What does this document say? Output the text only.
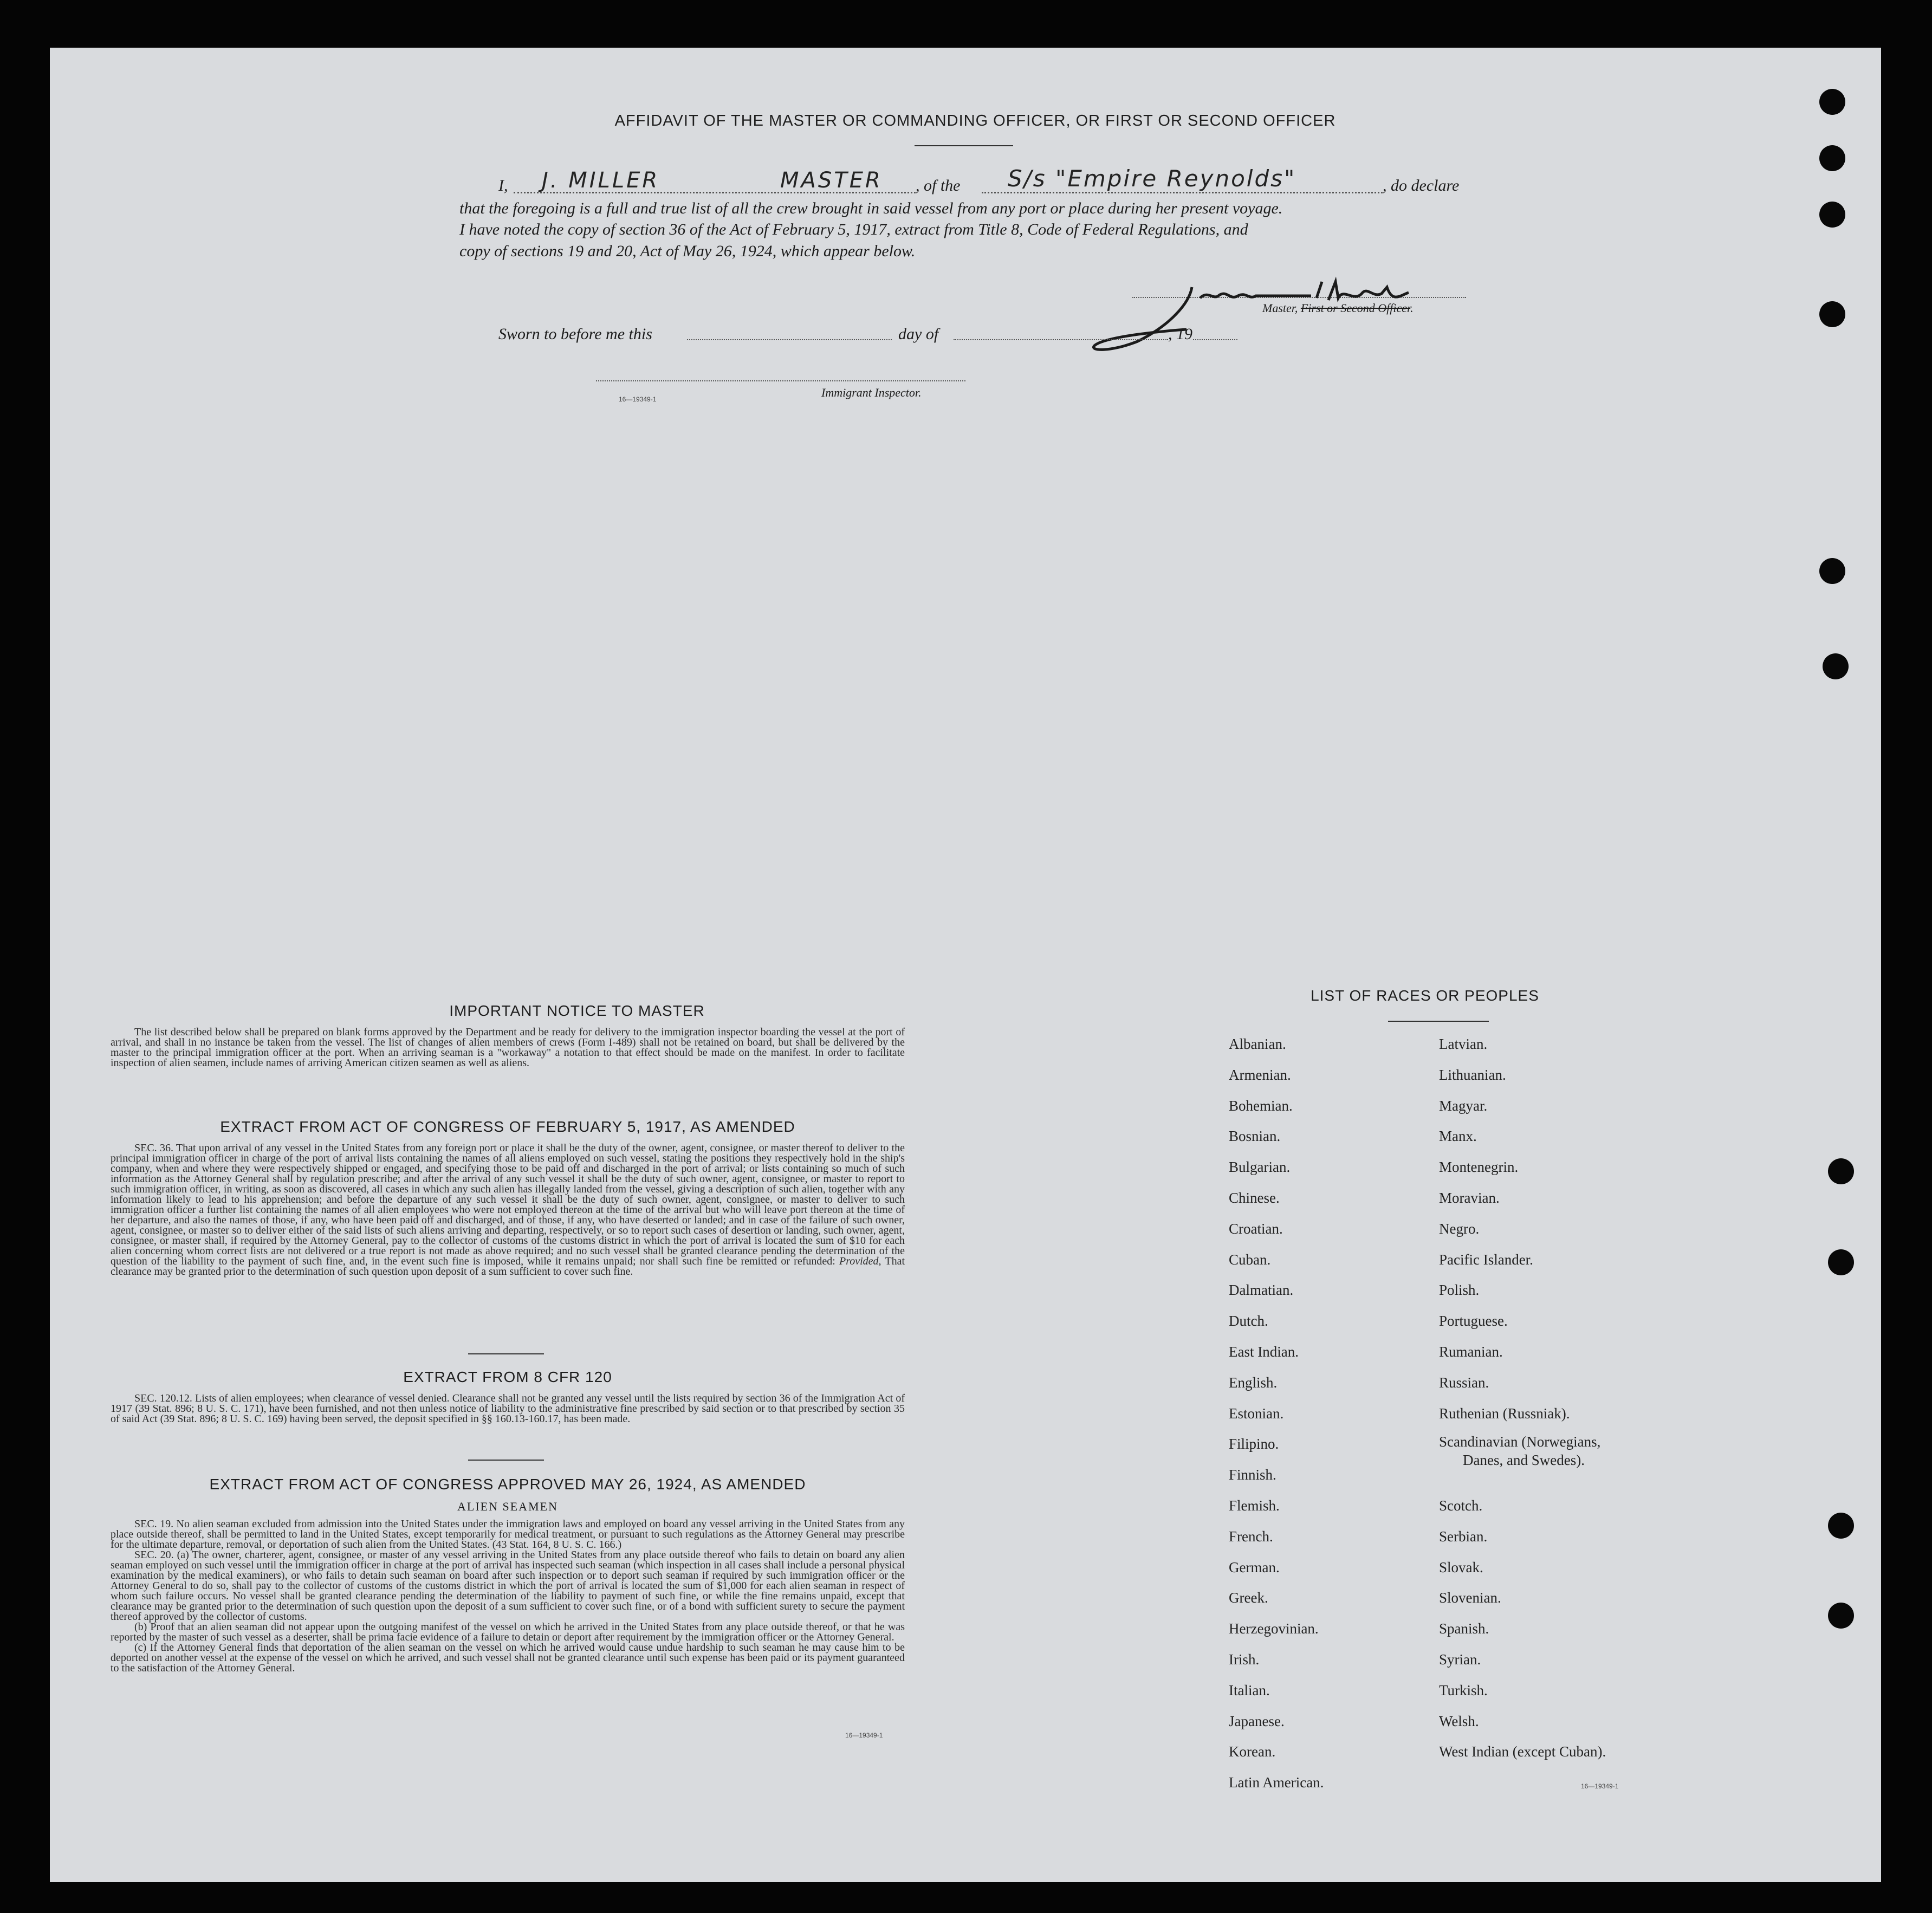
AFFIDAVIT OF THE MASTER OR COMMANDING OFFICER, OR FIRST OR SECOND OFFICER
I, J. MILLER	MASTER , of the S/s "Empire Reynolds"	, do declare
that the foregoing is a full and true list of all the crew brought in said vessel from any port or place during her present voyage.
I have noted the copy of section 36 of the Act of February 5, 1917, extract from Title 8, Code of Federal Regulations, and
copy of sections 19 and 20, Act of May 26, 1924, which appear below.
Master, First or Second Officer.
Sworn to before me this	day of	, 19
16—19349-1	Immigrant Inspector.
IMPORTANT NOTICE TO MASTER
The list described below shall be prepared on blank forms approved by the Department and be ready for delivery to the immigration inspector boarding the vessel at the port of arrival, and shall in no instance be taken from the vessel. The list of changes of alien members of crews (Form I-489) shall not be retained on board, but shall be delivered by the master to the principal immigration officer at the port. When an arriving seaman is a "workaway" a notation to that effect should be made on the manifest. In order to facilitate inspection of alien seamen, include names of arriving American citizen seamen as well as aliens.
EXTRACT FROM ACT OF CONGRESS OF FEBRUARY 5, 1917, AS AMENDED
SEC. 36. That upon arrival of any vessel in the United States from any foreign port or place it shall be the duty of the owner, agent, consignee, or master thereof to deliver to the principal immigration officer in charge of the port of arrival lists containing the names of all aliens employed on such vessel, stating the positions they respectively hold in the ship's company, when and where they were respectively shipped or engaged, and specifying those to be paid off and discharged in the port of arrival; or lists containing so much of such information as the Attorney General shall by regulation prescribe; and after the arrival of any such vessel it shall be the duty of such owner, agent, consignee, or master to report to such immigration officer, in writing, as soon as discovered, all cases in which any such alien has illegally landed from the vessel, giving a description of such alien, together with any information likely to lead to his apprehension; and before the departure of any such vessel it shall be the duty of such owner, agent, consignee, or master to deliver to such immigration officer a further list containing the names of all alien employees who were not employed thereon at the time of the arrival but who will leave port thereon at the time of her departure, and also the names of those, if any, who have been paid off and discharged, and of those, if any, who have deserted or landed; and in case of the failure of such owner, agent, consignee, or master so to deliver either of the said lists of such aliens arriving and departing, respectively, or so to report such cases of desertion or landing, such owner, agent, consignee, or master shall, if required by the Attorney General, pay to the collector of customs of the customs district in which the port of arrival is located the sum of $10 for each alien concerning whom correct lists are not delivered or a true report is not made as above required; and no such vessel shall be granted clearance pending the determination of the question of the liability to the payment of such fine, and, in the event such fine is imposed, while it remains unpaid; nor shall such fine be remitted or refunded: Provided, That clearance may be granted prior to the determination of such question upon deposit of a sum sufficient to cover such fine.
EXTRACT FROM 8 CFR 120
SEC. 120.12. Lists of alien employees; when clearance of vessel denied. Clearance shall not be granted any vessel until the lists required by section 36 of the Immigration Act of 1917 (39 Stat. 896; 8 U. S. C. 171), have been furnished, and not then unless notice of liability to the administrative fine prescribed by said section or to that prescribed by section 35 of said Act (39 Stat. 896; 8 U. S. C. 169) having been served, the deposit specified in §§ 160.13-160.17, has been made.
EXTRACT FROM ACT OF CONGRESS APPROVED MAY 26, 1924, AS AMENDED
ALIEN SEAMEN
SEC. 19. No alien seaman excluded from admission into the United States under the immigration laws and employed on board any vessel arriving in the United States from any place outside thereof, shall be permitted to land in the United States, except temporarily for medical treatment, or pursuant to such regulations as the Attorney General may prescribe for the ultimate departure, removal, or deportation of such alien from the United States. (43 Stat. 164, 8 U. S. C. 166.)
SEC. 20. (a) The owner, charterer, agent, consignee, or master of any vessel arriving in the United States from any place outside thereof who fails to detain on board any alien seaman employed on such vessel until the immigration officer in charge at the port of arrival has inspected such seaman (which inspection in all cases shall include a personal physical examination by the medical examiners), or who fails to detain such seaman on board after such inspection or to deport such seaman if required by such immigration officer or the Attorney General to do so, shall pay to the collector of customs of the customs district in which the port of arrival is located the sum of $1,000 for each alien seaman in respect of whom such failure occurs. No vessel shall be granted clearance pending the determination of the liability to payment of such fine, or while the fine remains unpaid, except that clearance may be granted prior to the determination of such question upon the deposit of a sum sufficient to cover such fine, or of a bond with sufficient surety to secure the payment thereof approved by the collector of customs.
(b) Proof that an alien seaman did not appear upon the outgoing manifest of the vessel on which he arrived in the United States from any place outside thereof, or that he was reported by the master of such vessel as a deserter, shall be prima facie evidence of a failure to detain or deport after requirement by the immigration officer or the Attorney General.
(c) If the Attorney General finds that deportation of the alien seaman on the vessel on which he arrived would cause undue hardship to such seaman he may cause him to be deported on another vessel at the expense of the vessel on which he arrived, and such vessel shall not be granted clearance until such expense has been paid or its payment guaranteed to the satisfaction of the Attorney General.
16—19349-1
LIST OF RACES OR PEOPLES
Albanian.
Armenian.
Bohemian.
Bosnian.
Bulgarian.
Chinese.
Croatian.
Cuban.
Dalmatian.
Dutch.
East Indian.
English.
Estonian.
Filipino.
Finnish.
Flemish.
French.
German.
Greek.
Herzegovinian.
Irish.
Italian.
Japanese.
Korean.
Latin American.
Latvian.
Lithuanian.
Magyar.
Manx.
Montenegrin.
Moravian.
Negro.
Pacific Islander.
Polish.
Portuguese.
Rumanian.
Russian.
Ruthenian (Russniak).
Scandinavian (Norwegians,
Danes, and Swedes).
Scotch.
Serbian.
Slovak.
Slovenian.
Spanish.
Syrian.
Turkish.
Welsh.
West Indian (except Cuban).
16—19349-1
